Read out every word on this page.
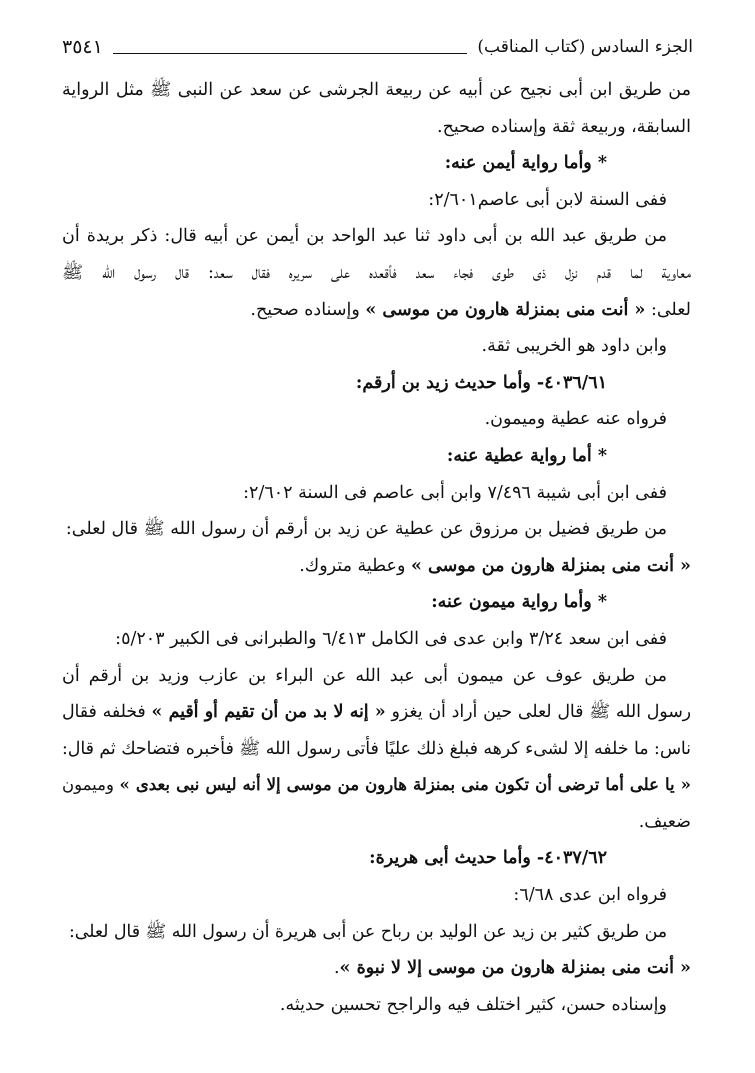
الجزء السادس (كتاب المناقب)
٣٥٤١
من طريق ابن أبى نجيح عن أبيه عن ربيعة الجرشى عن سعد عن النبى ﷺ مثل الرواية
السابقة، وربيعة ثقة وإسناده صحيح.
* وأما رواية أيمن عنه:
ففى السنة لابن أبى عاصم٢/٦٠١:
من طريق عبد الله بن أبى داود ثنا عبد الواحد بن أيمن عن أبيه قال: ذكر بريدة أن
معاوية لما قدم نزل ذى طوى فجاء سعد فأقعده على سريره فقال سعد: قال رسول الله ﷺ
لعلى: « أنت منى بمنزلة هارون من موسى » وإسناده صحيح.
وابن داود هو الخريبى ثقة.
٤٠٣٦/٦١- وأما حديث زيد بن أرقم:
فرواه عنه عطية وميمون.
* أما رواية عطية عنه:
ففى ابن أبى شيبة ٧/٤٩٦ وابن أبى عاصم فى السنة ٢/٦٠٢:
من طريق فضيل بن مرزوق عن عطية عن زيد بن أرقم أن رسول الله ﷺ قال لعلى:
« أنت منى بمنزلة هارون من موسى » وعطية متروك.
* وأما رواية ميمون عنه:
ففى ابن سعد ٣/٢٤ وابن عدى فى الكامل ٦/٤١٣ والطبرانى فى الكبير ٥/٢٠٣:
من طريق عوف عن ميمون أبى عبد الله عن البراء بن عازب وزيد بن أرقم أن
رسول الله ﷺ قال لعلى حين أراد أن يغزو « إنه لا بد من أن تقيم أو أقيم » فخلفه فقال
ناس: ما خلفه إلا لشىء كرهه فبلغ ذلك عليًا فأتى رسول الله ﷺ فأخبره فتضاحك ثم قال:
« يا على أما ترضى أن تكون منى بمنزلة هارون من موسى إلا أنه ليس نبى بعدى » وميمون
ضعيف.
٤٠٣٧/٦٢- وأما حديث أبى هريرة:
فرواه ابن عدى ٦/٦٨:
من طريق كثير بن زيد عن الوليد بن رباح عن أبى هريرة أن رسول الله ﷺ قال لعلى:
« أنت منى بمنزلة هارون من موسى إلا لا نبوة ».
وإسناده حسن، كثير اختلف فيه والراجح تحسين حديثه.
